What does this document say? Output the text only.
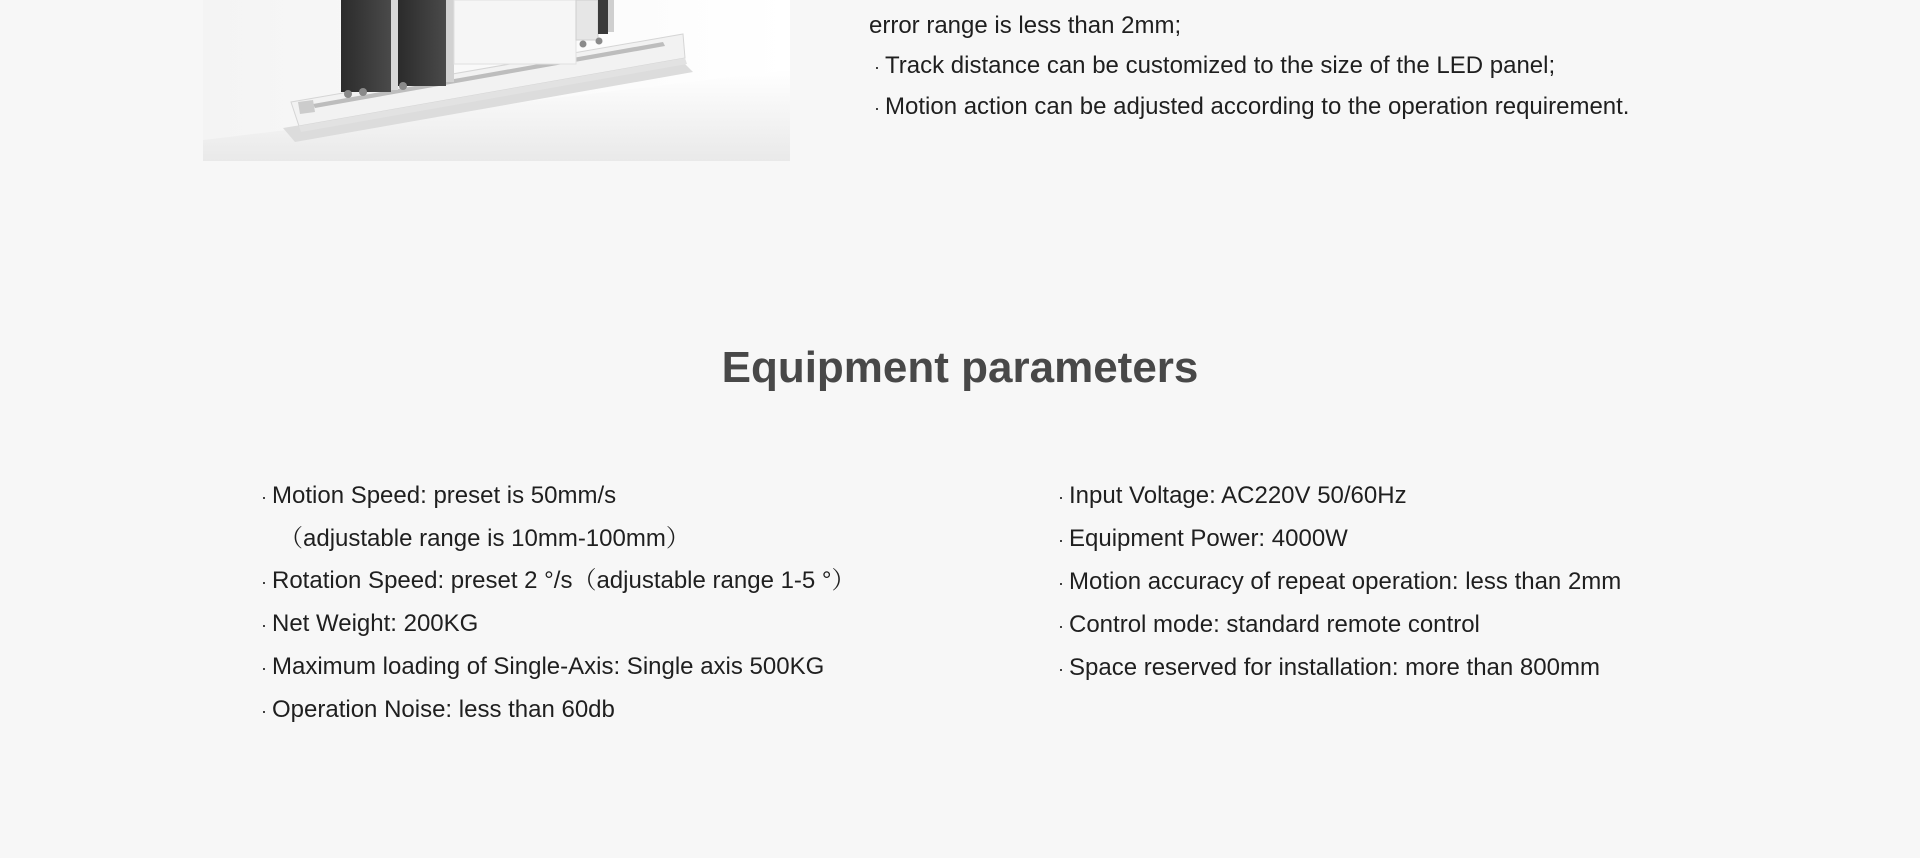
error range is less than 2mm;
· Track distance can be customized to the size of the LED panel;
· Motion action can be adjusted according to the operation requirement.
Equipment parameters
· Motion Speed: preset is 50mm/s
（adjustable range is 10mm-100mm）
· Rotation Speed: preset 2 °/s（adjustable range 1-5 °）
· Net Weight: 200KG
· Maximum loading of Single-Axis: Single axis 500KG
· Operation Noise: less than 60db
· Input Voltage: AC220V 50/60Hz
· Equipment Power: 4000W
· Motion accuracy of repeat operation: less than 2mm
· Control mode: standard remote control
· Space reserved for installation: more than 800mm
